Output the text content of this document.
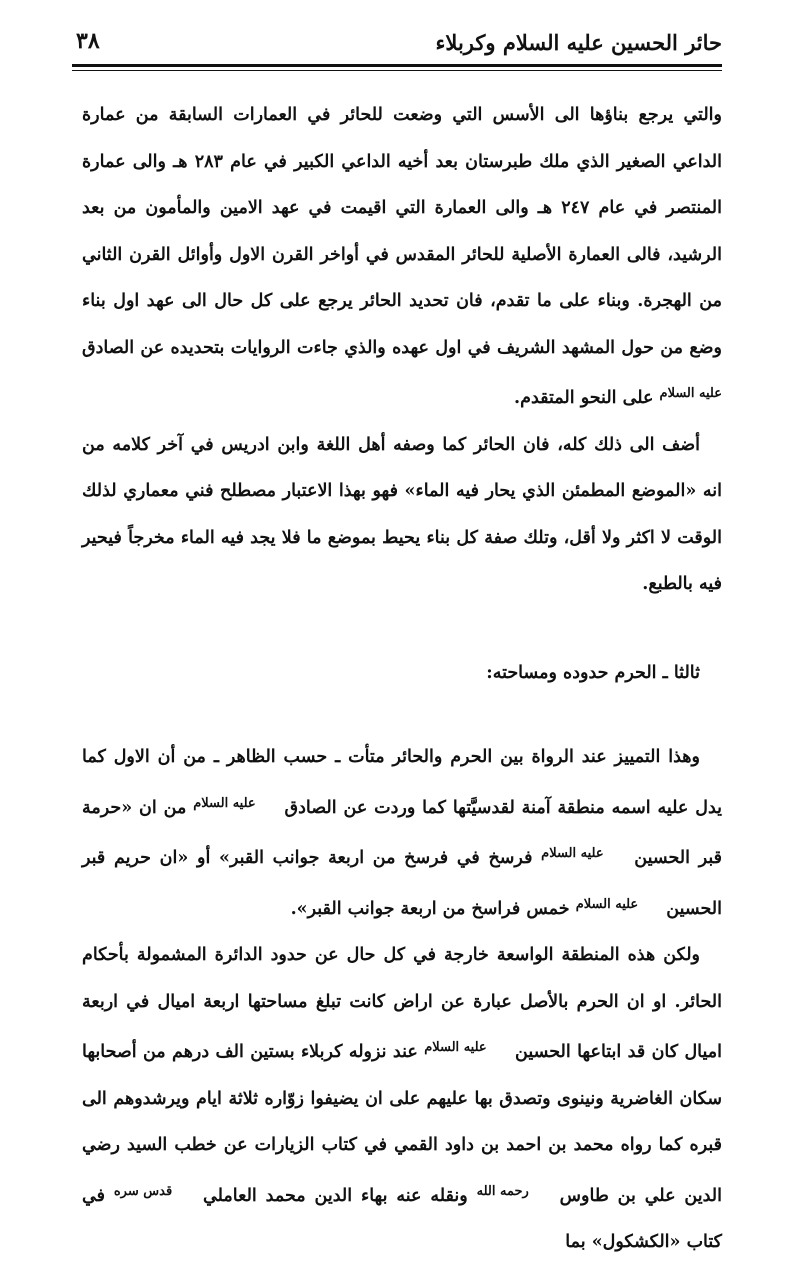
حائر الحسين عليه السلام وكربلاء
٣٨

والتي يرجع بناؤها الى الأسس التي وضعت للحائر في العمارات السابقة من عمارة الداعي الصغير الذي ملك طبرستان بعد أخيه الداعي الكبير في عام ٢٨٣ هـ والى عمارة المنتصر في عام ٢٤٧ هـ والى العمارة التي اقيمت في عهد الامين والمأمون من بعد الرشيد، فالى العمارة الأصلية للحائر المقدس في أواخر القرن الاول وأوائل القرن الثاني من الهجرة. وبناء على ما تقدم، فان تحديد الحائر يرجع على كل حال الى عهد اول بناء وضع من حول المشهد الشريف في اول عهده والذي جاءت الروايات بتحديده عن الصادق عليه السلام على النحو المتقدم.

أضف الى ذلك كله، فان الحائر كما وصفه أهل اللغة وابن ادريس في آخر كلامه من انه «الموضع المطمئن الذي يحار فيه الماء» فهو بهذا الاعتبار مصطلح فني معماري لذلك الوقت لا اكثر ولا أقل، وتلك صفة كل بناء يحيط بموضع ما فلا يجد فيه الماء مخرجاً فيحير فيه بالطبع.

ثالثا ـ الحرم حدوده ومساحته:

وهذا التمييز عند الرواة بين الحرم والحائر متأت ـ حسب الظاهر ـ من أن الاول كما يدل عليه اسمه منطقة آمنة لقدسيَّتها كما وردت عن الصادق عليه السلام من ان «حرمة قبر الحسين عليه السلام فرسخ في فرسخ من اربعة جوانب القبر» أو «ان حريم قبر الحسين عليه السلام خمس فراسخ من اربعة جوانب القبر».

ولكن هذه المنطقة الواسعة خارجة في كل حال عن حدود الدائرة المشمولة بأحكام الحائر. او ان الحرم بالأصل عبارة عن اراض كانت تبلغ مساحتها اربعة اميال في اربعة اميال كان قد ابتاعها الحسين عليه السلام عند نزوله كربلاء بستين الف درهم من أصحابها سكان الغاضرية ونينوى وتصدق بها عليهم على ان يضيفوا زوّاره ثلاثة ايام ويرشدوهم الى قبره كما رواه محمد بن احمد بن داود القمي في كتاب الزيارات عن خطب السيد رضي الدين علي بن طاوس رحمه الله ونقله عنه بهاء الدين محمد العاملي قدس سره في كتاب «الكشكول» بما
